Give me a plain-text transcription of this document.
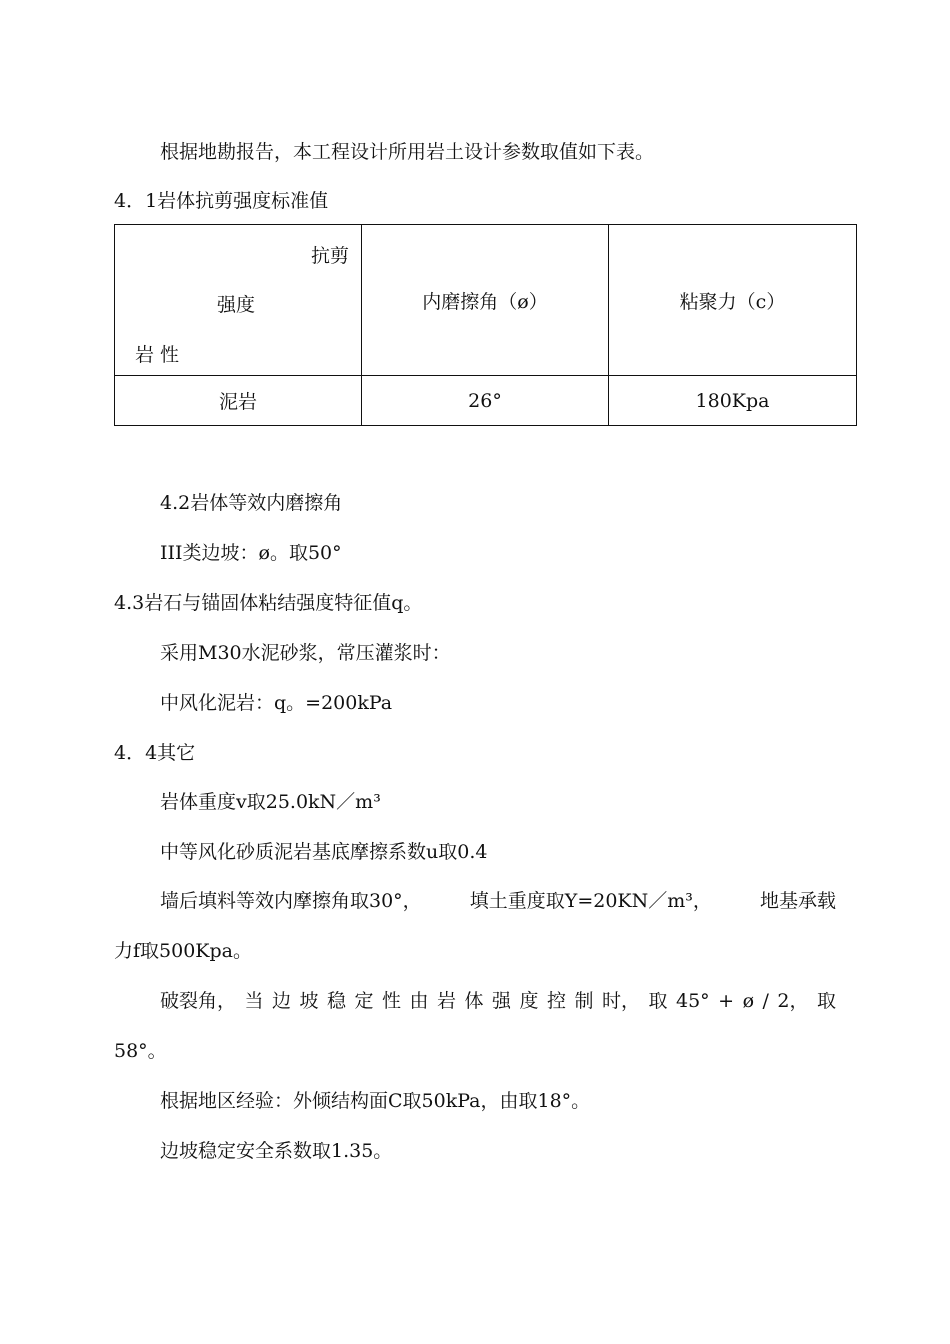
根据地勘报告，本工程设计所用岩土设计参数取值如下表。
4．1岩体抗剪强度标准值
抗剪
强度
岩 性	内磨擦角（ø）	粘聚力（c）
泥岩	26°	180Kpa
4.2岩体等效内磨擦角
III类边坡：ø。取50°
4.3岩石与锚固体粘结强度特征值q。
采用M30水泥砂浆，常压灌浆时：
中风化泥岩：q。=200kPa
4．4其它
岩体重度v取25.0kN／m³
中等风化砂质泥岩基底摩擦系数u取0.4
墙后填料等效内摩擦角取30°，	填土重度取Y=20KN／m³，	地基承载
力f取500Kpa。
破裂角， 当 边 坡 稳 定 性 由 岩 体 强 度 控 制 时， 取 45° + ø / 2， 取
58°。
根据地区经验：外倾结构面C取50kPa，由取18°。
边坡稳定安全系数取1.35。
